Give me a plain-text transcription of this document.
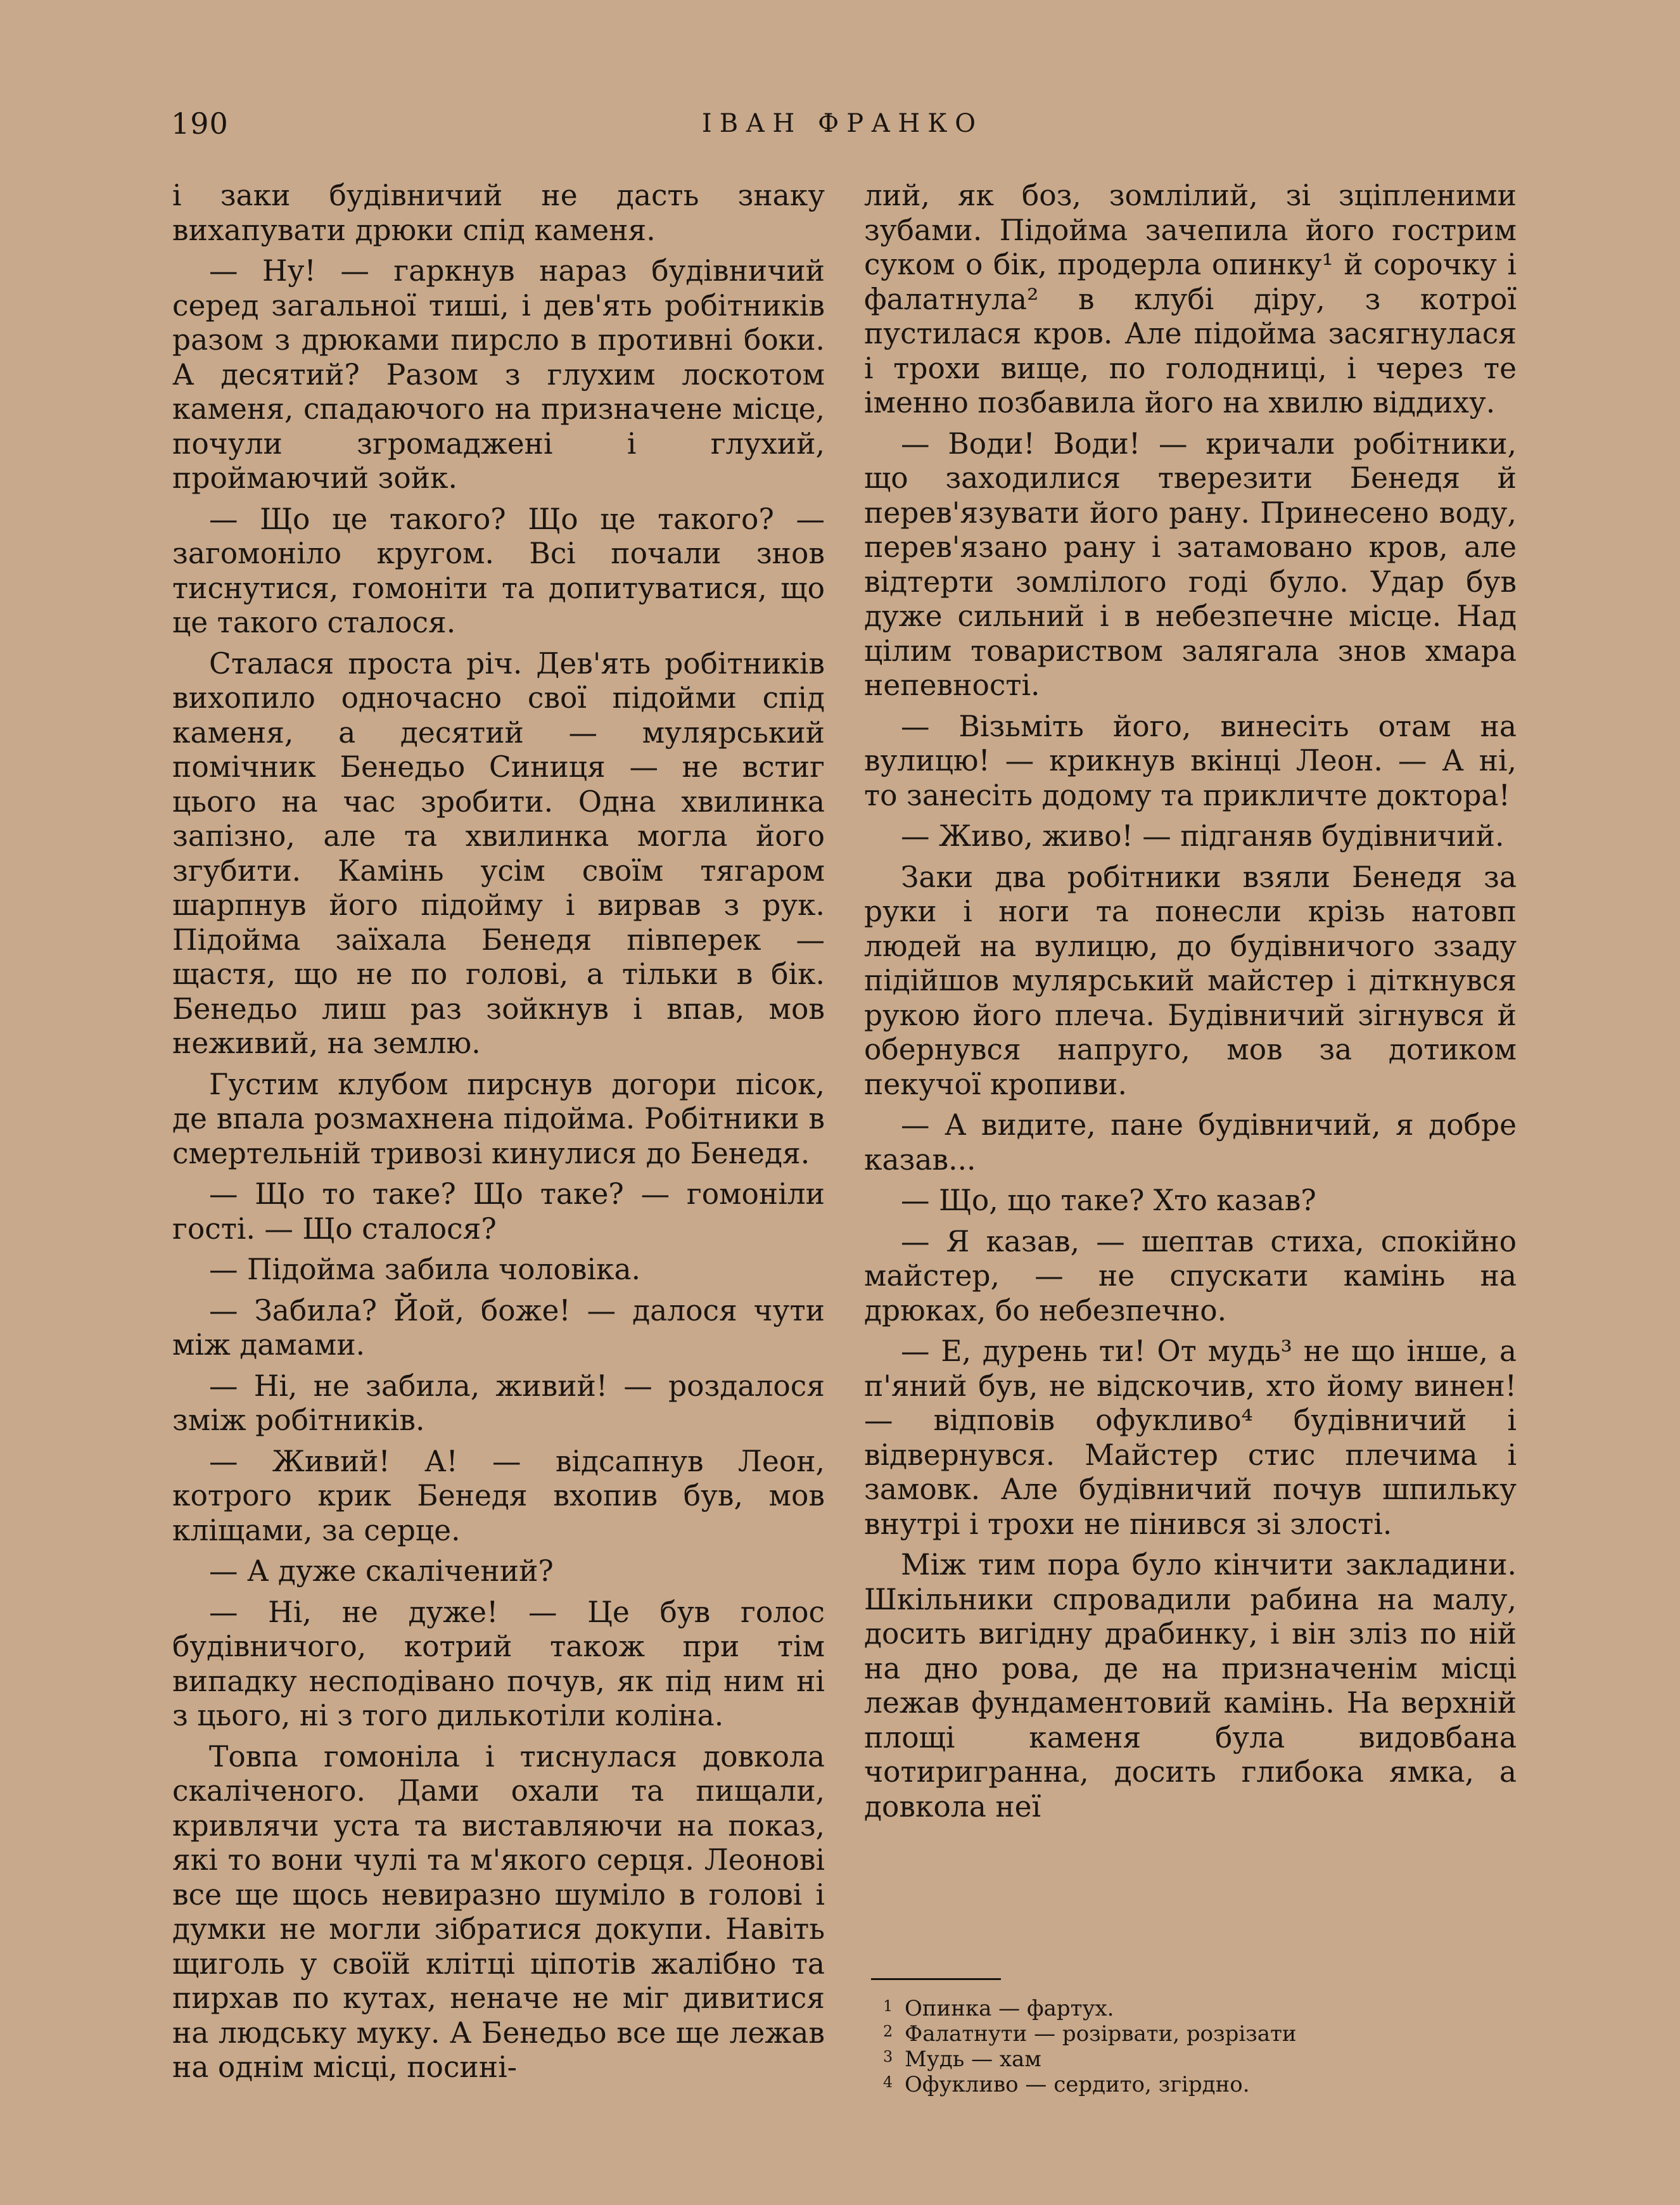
190	ІВАН ФРАНКО

і заки будівничий не дасть знаку вихапувати дрюки спід каменя.

— Ну! — гаркнув нараз будівничий серед загальної тиші, і дев'ять робітників разом з дрюками пирсло в противні боки. А десятий? Разом з глухим лоскотом каменя, спадаючого на призначене місце, почули згромаджені і глухий, проймаючий зойк.

— Що це такого? Що це такого? — загомоніло кругом. Всі почали знов тиснутися, гомоніти та допитуватися, що це такого сталося.

Сталася проста річ. Дев'ять робітників вихопило одночасно свої підойми спід каменя, а десятий — мулярський помічник Бенедьо Синиця — не встиг цього на час зробити. Одна хвилинка запізно, але та хвилинка могла його згубити. Камінь усім своїм тягаром шарпнув його підойму і вирвав з рук. Підойма заїхала Бенедя півперек — щастя, що не по голові, а тільки в бік. Бенедьо лиш раз зойкнув і впав, мов неживий, на землю.

Густим клубом пирснув догори пісок, де впала розмахнена підойма. Робітники в смертельній тривозі кинулися до Бенедя.

— Що то таке? Що таке? — гомоніли гості. — Що сталося?

— Підойма забила чоловіка.

— Забила? Йой, боже! — далося чути між дамами.

— Ні, не забила, живий! — роздалося зміж робітників.

— Живий! А! — відсапнув Леон, котрого крик Бенедя вхопив був, мов кліщами, за серце.

— А дуже скалічений?

— Ні, не дуже! — Це був голос будівничого, котрий також при тім випадку несподівано почув, як під ним ні з цього, ні з того дилькотіли коліна.

Товпа гомоніла і тиснулася довкола скаліченого. Дами охали та пищали, кривлячи уста та виставляючи на показ, які то вони чулі та м'якого серця. Леонові все ще щось невиразно шуміло в голові і думки не могли зібратися докупи. Навіть щиголь у своїй клітці ціпотів жалібно та пирхав по кутах, неначе не міг дивитися на людську муку. А Бенедьо все ще лежав на однім місці, посині-

лий, як боз, зомлілий, зі зціпленими зубами. Підойма зачепила його гострим суком о бік, продерла опинку¹ й сорочку і фалатнула² в клубі діру, з котрої пустилася кров. Але підойма засягнулася і трохи вище, по голодниці, і через те іменно позбавила його на хвилю віддиху.

— Води! Води! — кричали робітники, що заходилися тверезити Бенедя й перев'язувати його рану. Принесено воду, перев'язано рану і затамовано кров, але відтерти зомлілого годі було. Удар був дуже сильний і в небезпечне місце. Над цілим товариством залягала знов хмара непевності.

— Візьміть його, винесіть отам на вулицю! — крикнув вкінці Леон. — А ні, то занесіть додому та прикличте доктора!

— Живо, живо! — підганяв будівничий.

Заки два робітники взяли Бенедя за руки і ноги та понесли крізь натовп людей на вулицю, до будівничого ззаду підійшов мулярський майстер і діткнувся рукою його плеча. Будівничий зігнувся й обернувся напруго, мов за дотиком пекучої кропиви.

— А видите, пане будівничий, я добре казав...

— Що, що таке? Хто казав?

— Я казав, — шептав стиха, спокійно майстер, — не спускати камінь на дрюках, бо небезпечно.

— Е, дурень ти! От мудь³ не що інше, а п'яний був, не відскочив, хто йому винен! — відповів офукливо⁴ будівничий і відвернувся. Майстер стис плечима і замовк. Але будівничий почув шпильку внутрі і трохи не пінився зі злості.

Між тим пора було кінчити закладини. Шкільники спровадили рабина на малу, досить вигідну драбинку, і він зліз по ній на дно рова, де на призначенім місці лежав фундаментовий камінь. На верхній площі каменя була видовбана чотиригранна, досить глибока ямка, а довкола неї

1 Опинка — фартух.
2 Фалатнути — розірвати, розрізати
3 Мудь — хам
4 Офукливо — сердито, згірдно.
